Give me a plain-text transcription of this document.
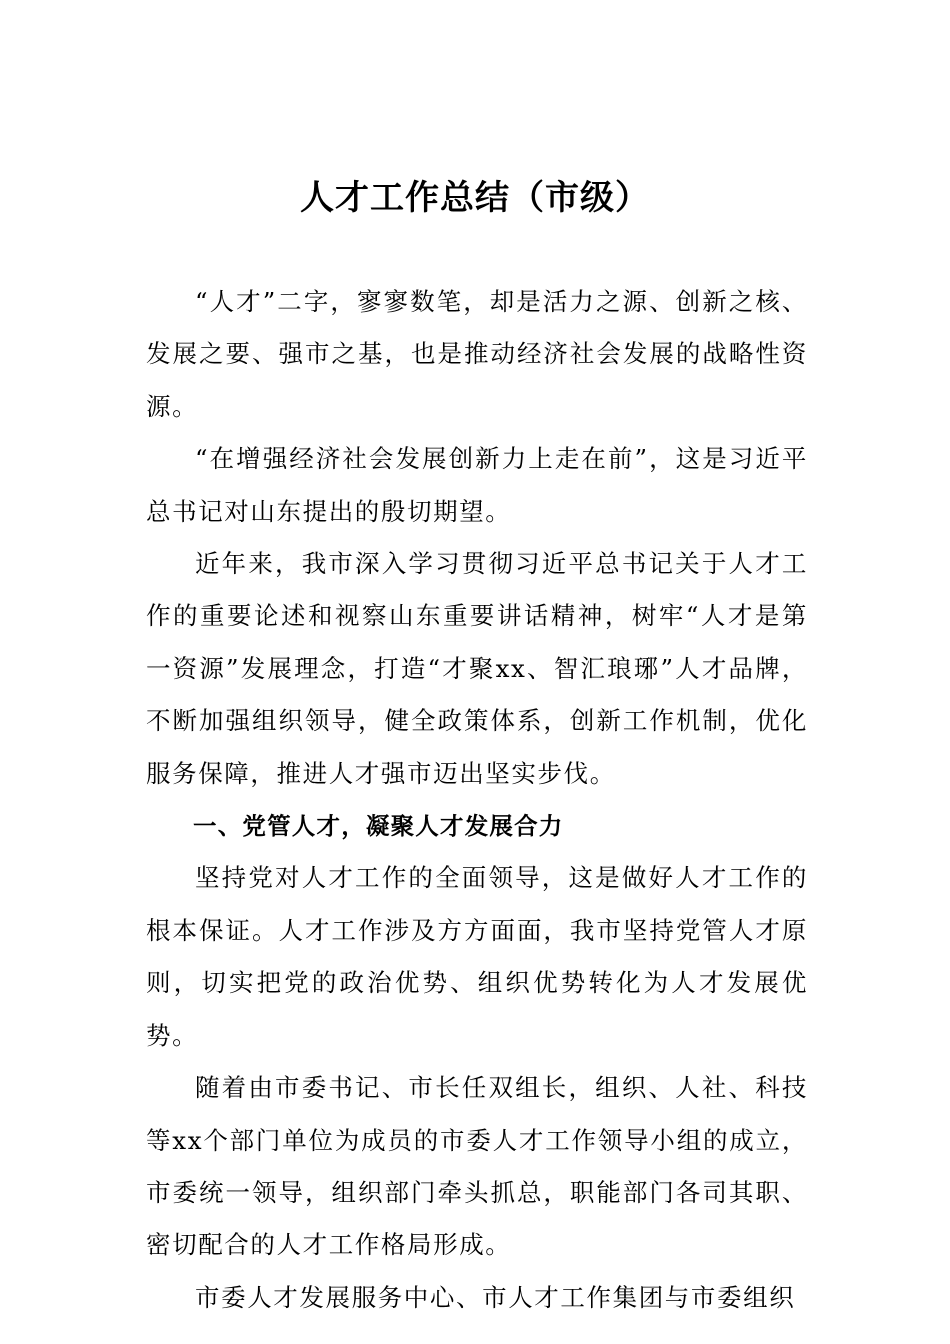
人才工作总结（市级）

“人才”二字，寥寥数笔，却是活力之源、创新之核、发展之要、强市之基，也是推动经济社会发展的战略性资源。

“在增强经济社会发展创新力上走在前”，这是习近平总书记对山东提出的殷切期望。

近年来，我市深入学习贯彻习近平总书记关于人才工作的重要论述和视察山东重要讲话精神，树牢“人才是第一资源”发展理念，打造“才聚xx、智汇琅琊”人才品牌，不断加强组织领导，健全政策体系，创新工作机制，优化服务保障，推进人才强市迈出坚实步伐。

一、党管人才，凝聚人才发展合力

坚持党对人才工作的全面领导，这是做好人才工作的根本保证。人才工作涉及方方面面，我市坚持党管人才原则，切实把党的政治优势、组织优势转化为人才发展优势。

随着由市委书记、市长任双组长，组织、人社、科技等xx个部门单位为成员的市委人才工作领导小组的成立，市委统一领导，组织部门牵头抓总，职能部门各司其职、密切配合的人才工作格局形成。

市委人才发展服务中心、市人才工作集团与市委组织
